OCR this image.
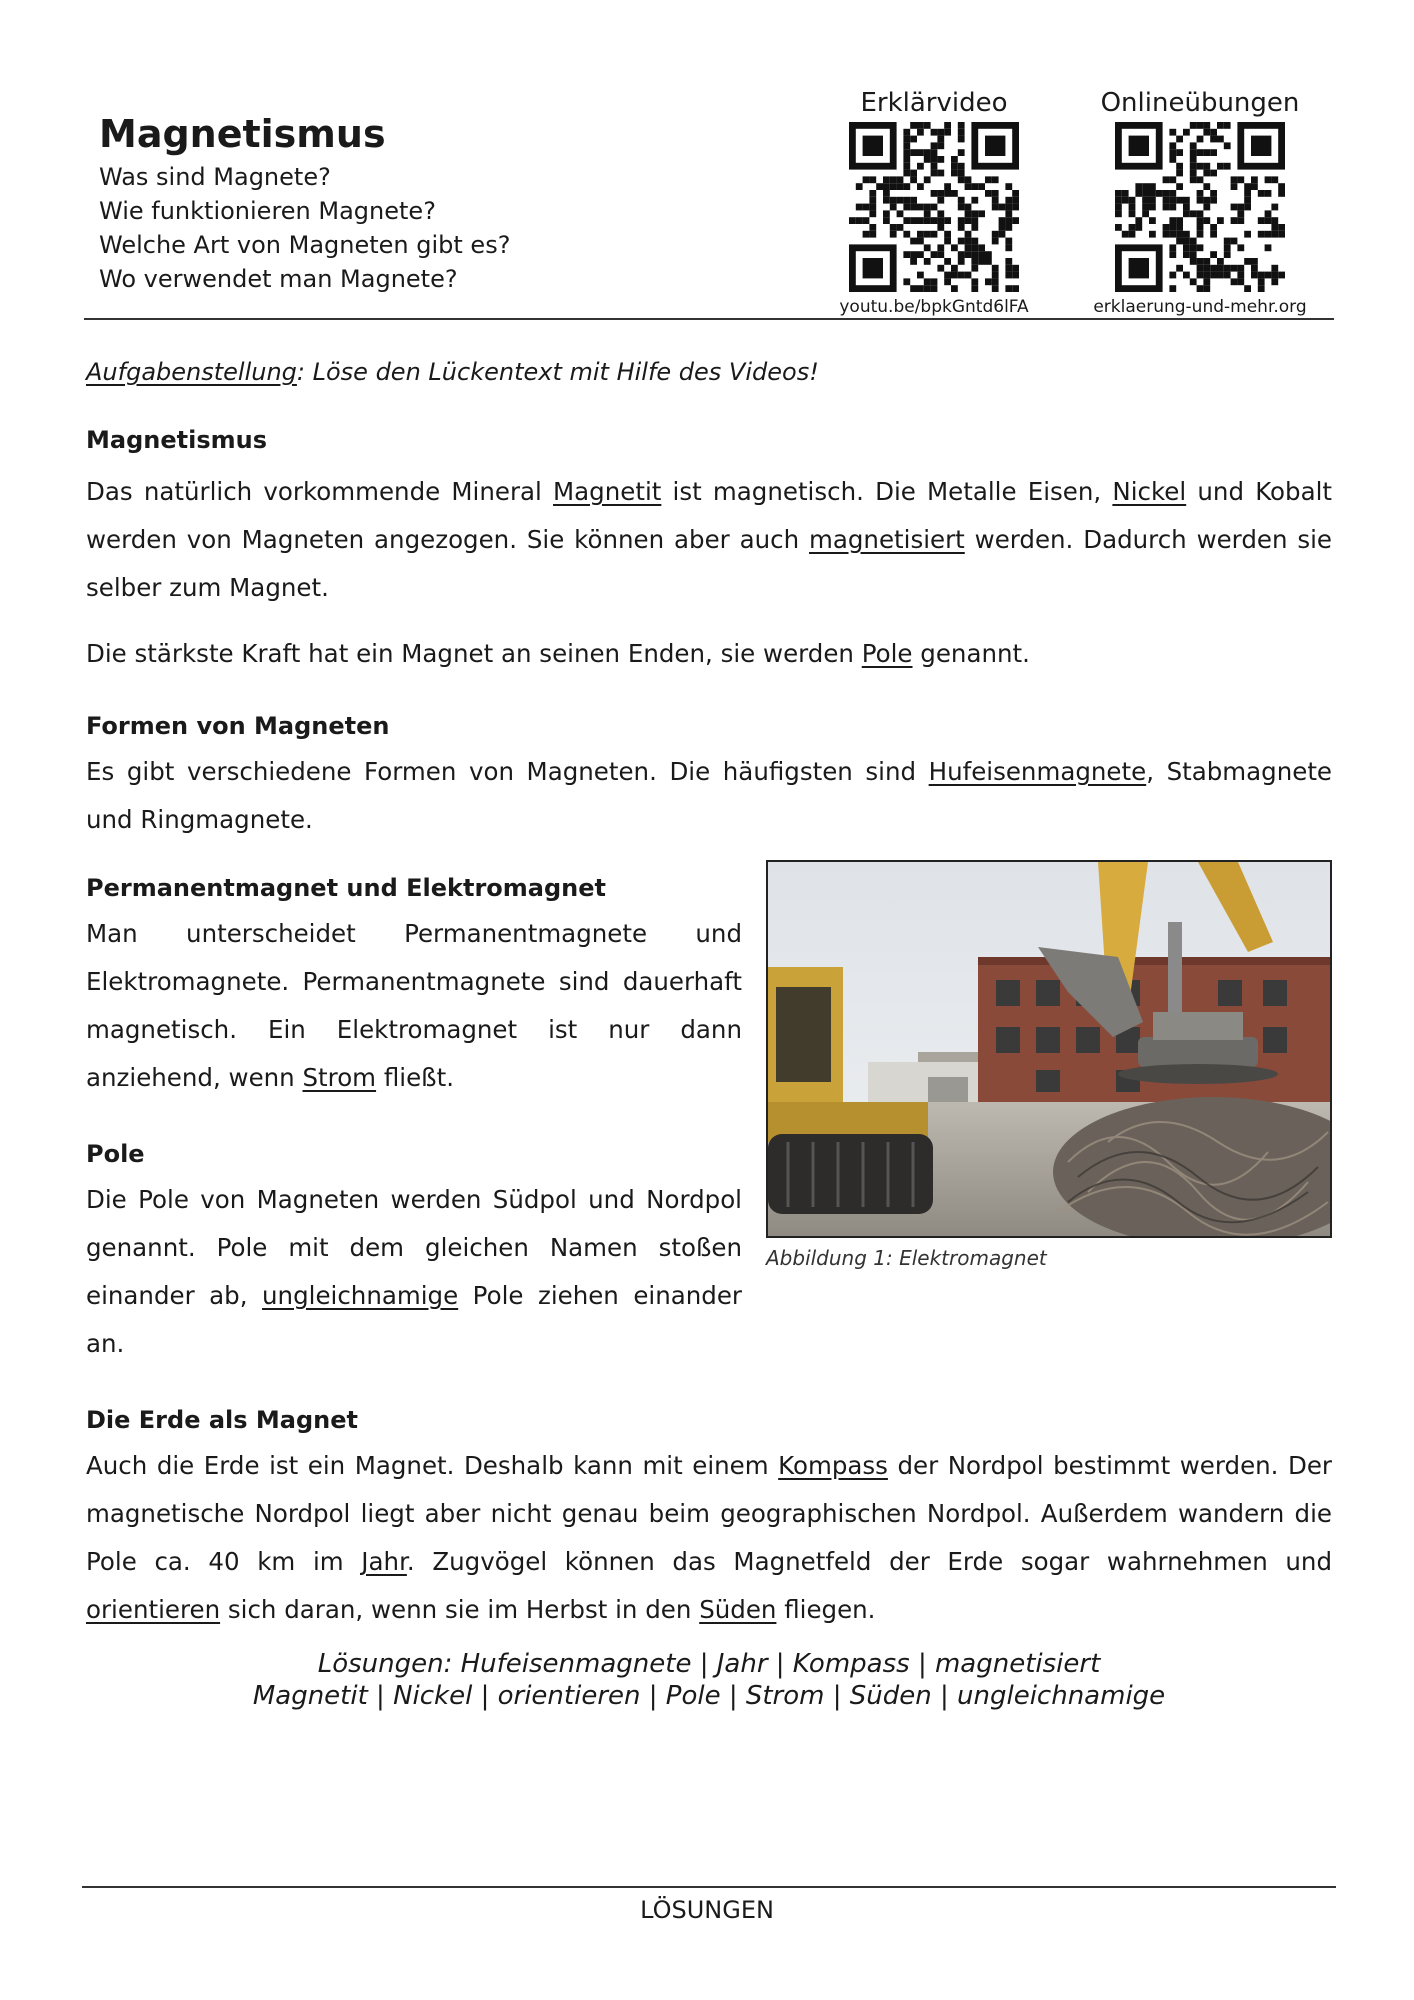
Magnetismus
Was sind Magnete?
Wie funktionieren Magnete?
Welche Art von Magneten gibt es?
Wo verwendet man Magnete?
Erklärvideo
youtu.be/bpkGntd6lFA
Onlineübungen
erklaerung-und-mehr.org

Aufgabenstellung: Löse den Lückentext mit Hilfe des Videos!

Magnetismus

Das natürlich vorkommende Mineral Magnetit ist magnetisch. Die Metalle Eisen, Nickel und Kobalt werden von Magneten angezogen. Sie können aber auch magnetisiert werden. Dadurch werden sie selber zum Magnet.

Die stärkste Kraft hat ein Magnet an seinen Enden, sie werden Pole genannt.

Formen von Magneten

Es gibt verschiedene Formen von Magneten. Die häufigsten sind Hufeisenmagnete, Stabmagnete und Ringmagnete.

Permanentmagnet und Elektromagnet

Man unterscheidet Permanentmagnete und Elektromagnete. Permanentmagnete sind dauerhaft magnetisch. Ein Elektromagnet ist nur dann anziehend, wenn Strom fließt.

Pole

Die Pole von Magneten werden Südpol und Nordpol genannt. Pole mit dem gleichen Namen stoßen einander ab, ungleichnamige Pole ziehen einander an.

Abbildung 1: Elektromagnet
Die Erde als Magnet

Auch die Erde ist ein Magnet. Deshalb kann mit einem Kompass der Nordpol bestimmt werden. Der magnetische Nordpol liegt aber nicht genau beim geographischen Nordpol. Außerdem wandern die Pole ca. 40 km im Jahr. Zugvögel können das Magnetfeld der Erde sogar wahrnehmen und orientieren sich daran, wenn sie im Herbst in den Süden fliegen.

Lösungen: Hufeisenmagnete | Jahr | Kompass | magnetisiert
Magnetit | Nickel | orientieren | Pole | Strom | Süden | ungleichnamige
LÖSUNGEN
